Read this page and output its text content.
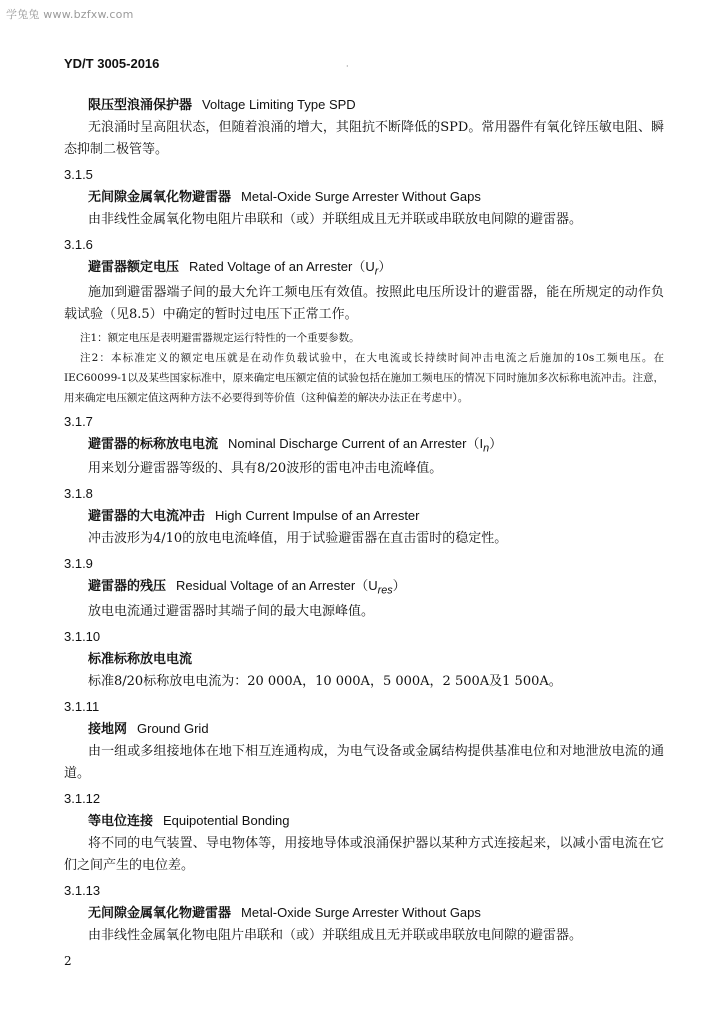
学兔兔 www.bzfxw.com
YD/T 3005-2016	·
限压型浪涌保护器 Voltage Limiting Type SPD

无浪涌时呈高阻状态，但随着浪涌的增大，其阻抗不断降低的SPD。常用器件有氧化锌压敏电阻、瞬态抑制二极管等。

3.1.5
无间隙金属氧化物避雷器 Metal-Oxide Surge Arrester Without Gaps

由非线性金属氧化物电阻片串联和（或）并联组成且无并联或串联放电间隙的避雷器。

3.1.6
避雷器额定电压 Rated Voltage of an $Arrester(U_r)$

施加到避雷器端子间的最大允许工频电压有效值。按照此电压所设计的避雷器，能在所规定的动作负载试验（见8.5）中确定的暂时过电压下正常工作。

注1：额定电压是表明避雷器规定运行特性的一个重要参数。

注2：本标准定义的额定电压就是在动作负载试验中，在大电流或长持续时间冲击电流之后施加的10s工频电压。在IEC60099-1以及某些国家标准中，原来确定电压额定值的试验包括在施加工频电压的情况下同时施加多次标称电流冲击。注意，用来确定电压额定值这两种方法不必要得到等价值（这种偏差的解决办法正在考虑中）。

3.1.7
避雷器的标称放电电流 Nominal Discharge Current of an $Arrester(I_n)$

用来划分避雷器等级的、具有8/20波形的雷电冲击电流峰值。

3.1.8
避雷器的大电流冲击 High Current Impulse of an Arrester

冲击波形为4/10的放电电流峰值，用于试验避雷器在直击雷时的稳定性。

3.1.9
避雷器的残压 Residual Voltage of an $Arrester(U_{res})$

放电电流通过避雷器时其端子间的最大电源峰值。

3.1.10
标准标称放电电流

标准8/20标称放电电流为：20 000A，10 000A，5 000A，2 500A及1 500A。

3.1.11
接地网 Ground Grid

由一组或多组接地体在地下相互连通构成，为电气设备或金属结构提供基准电位和对地泄放电流的通道。

3.1.12
等电位连接 Equipotential Bonding

将不同的电气装置、导电物体等，用接地导体或浪涌保护器以某种方式连接起来，以减小雷电流在它们之间产生的电位差。

3.1.13
无间隙金属氧化物避雷器 Metal-Oxide Surge Arrester Without Gaps

由非线性金属氧化物电阻片串联和（或）并联组成且无并联或串联放电间隙的避雷器。

2
